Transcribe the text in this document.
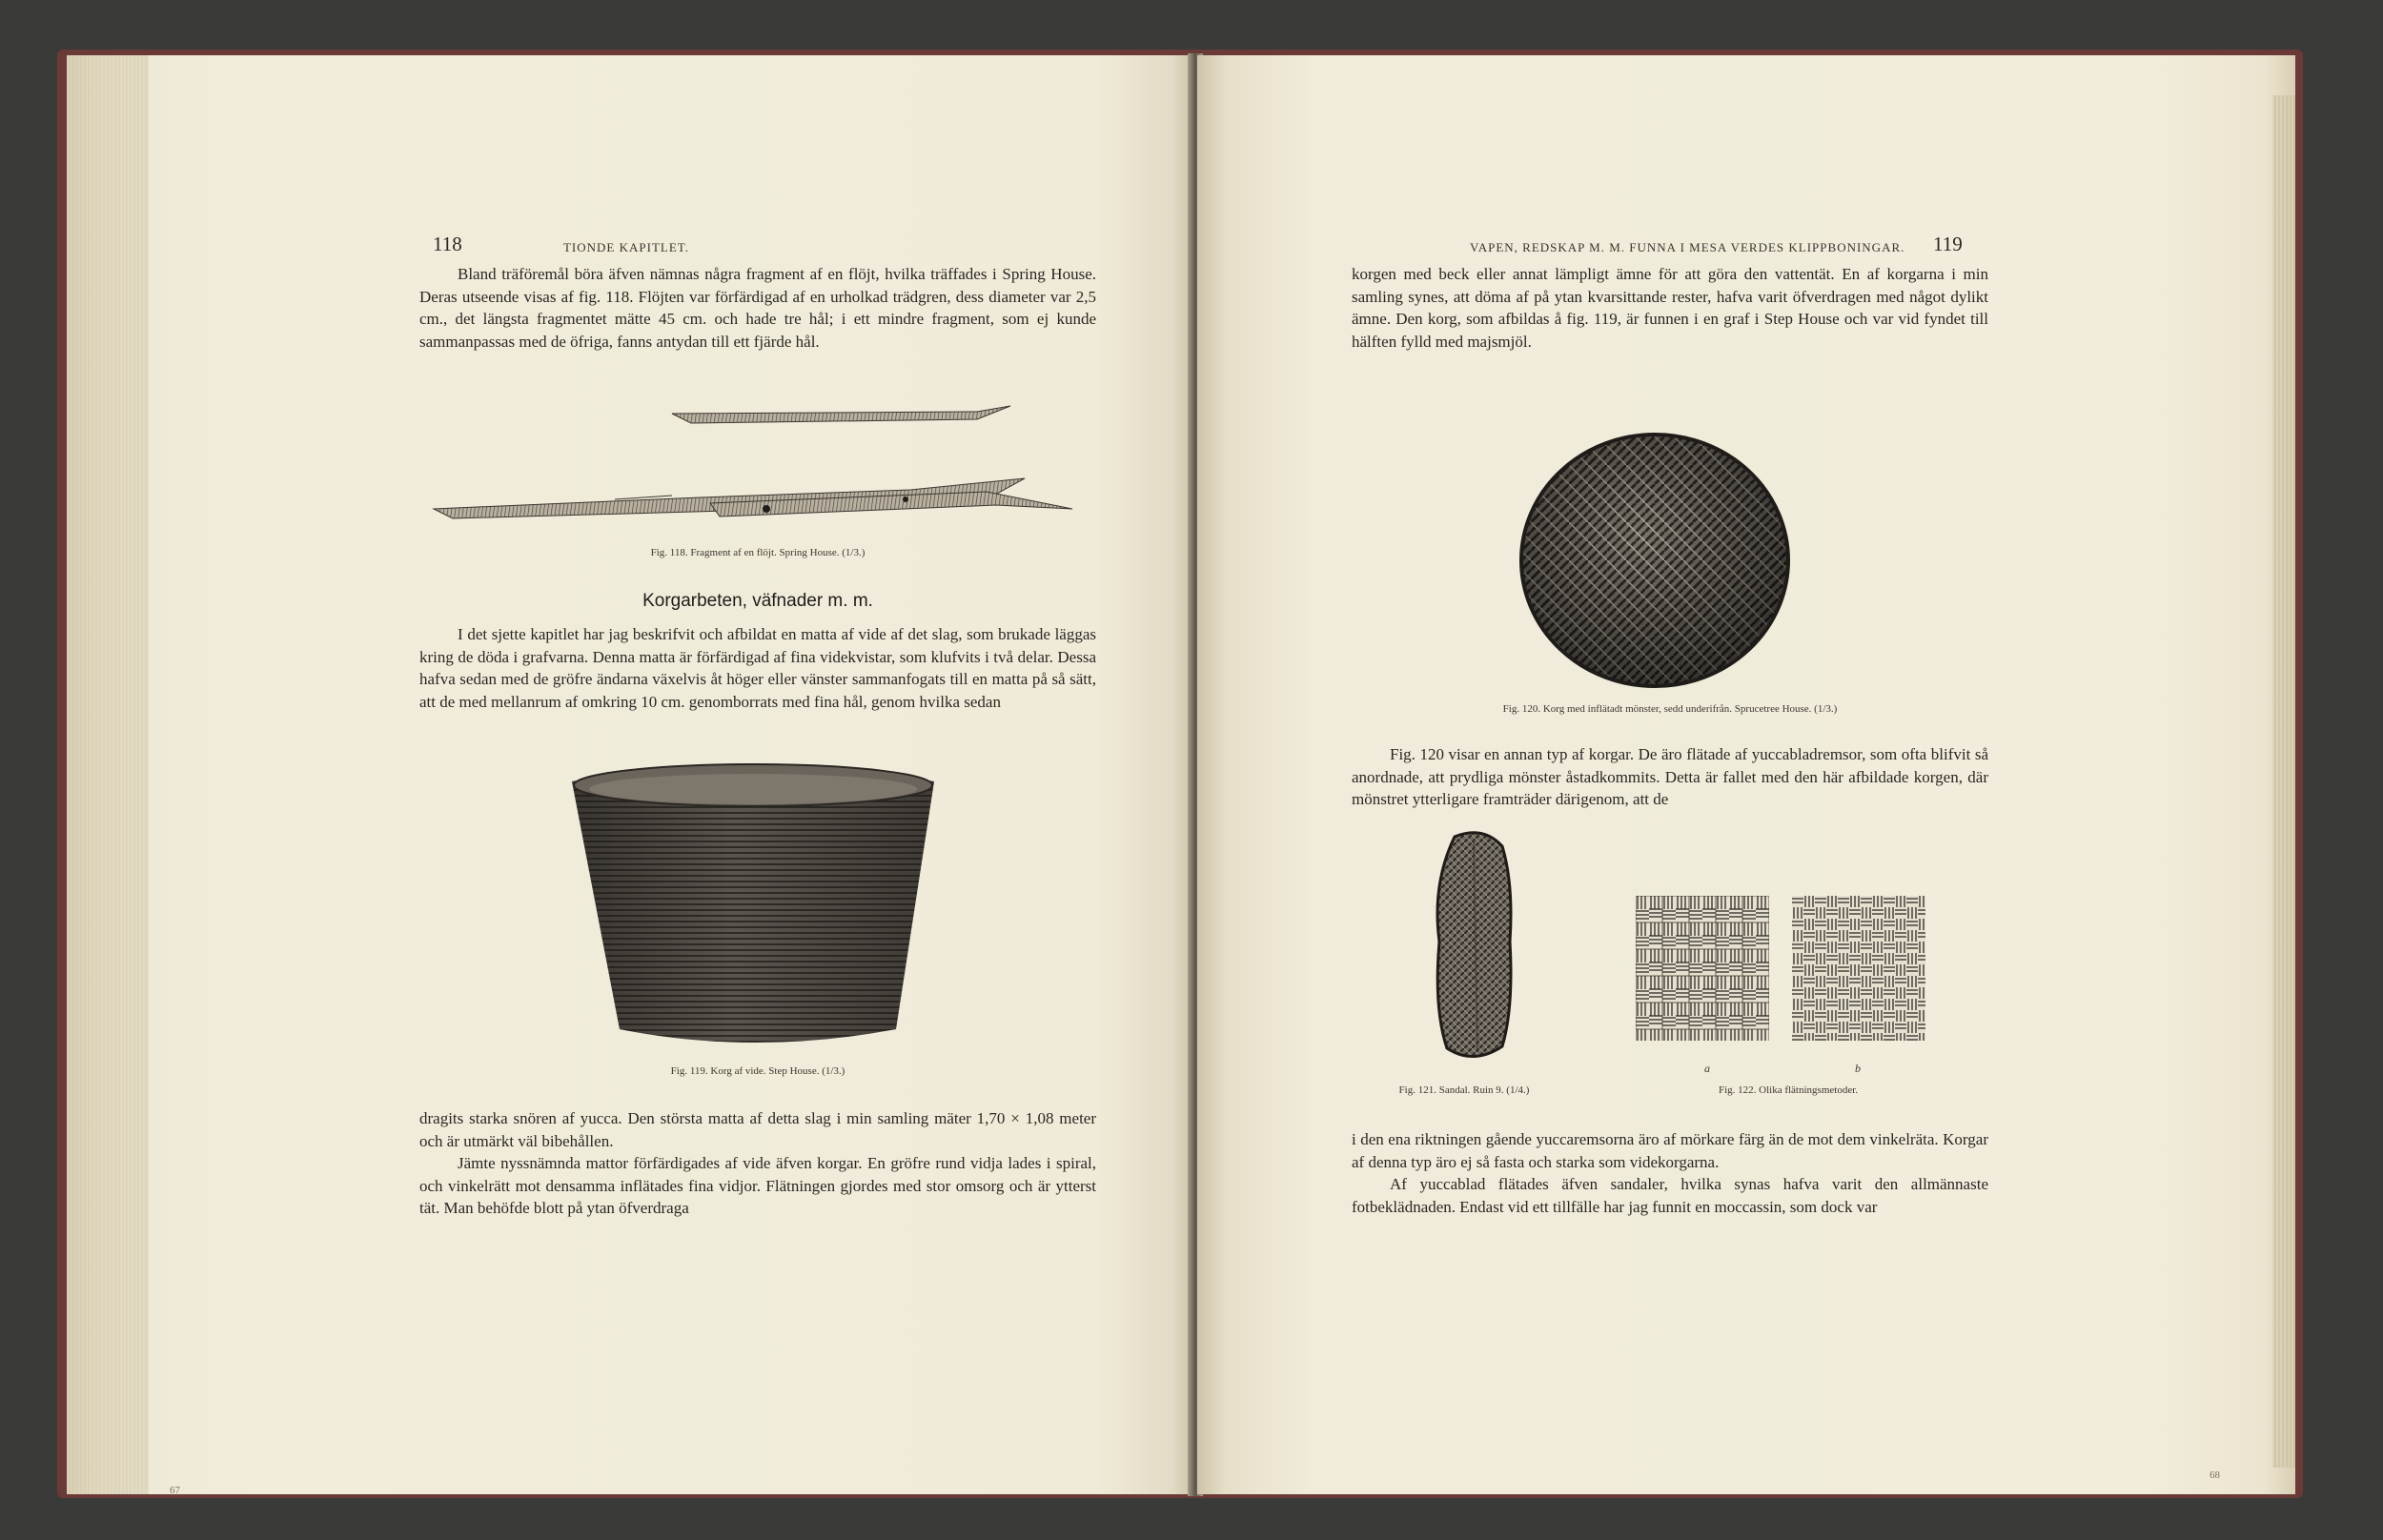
118	TIONDE KAPITLET.

Bland träföremål böra äfven nämnas några fragment af en flöjt, hvilka träffades i Spring House. Deras utseende visas af fig. 118. Flöjten var förfärdigad af en urholkad trädgren, dess diameter var 2,5 cm., det längsta fragmentet mätte 45 cm. och hade tre hål; i ett mindre fragment, som ej kunde sammanpassas med de öfriga, fanns antydan till ett fjärde hål.

Fig. 118. Fragment af en flöjt. Spring House. (1/3.)
Korgarbeten, väfnader m. m.

I det sjette kapitlet har jag beskrifvit och afbildat en matta af vide af det slag, som brukade läggas kring de döda i grafvarna. Denna matta är förfärdigad af fina videkvistar, som klufvits i två delar. Dessa hafva sedan med de gröfre ändarna växelvis åt höger eller vänster sammanfogats till en matta på så sätt, att de med mellanrum af omkring 10 cm. genomborrats med fina hål, genom hvilka sedan

Fig. 119. Korg af vide. Step House. (1/3.)

dragits starka snören af yucca. Den största matta af detta slag i min samling mäter 1,70 × 1,08 meter och är utmärkt väl bibehållen.

Jämte nyssnämnda mattor förfärdigades af vide äfven korgar. En gröfre rund vidja lades i spiral, och vinkelrätt mot densamma inflätades fina vidjor. Flätningen gjordes med stor omsorg och är ytterst tät. Man behöfde blott på ytan öfverdraga

67
VAPEN, REDSKAP M. M. FUNNA I MESA VERDES KLIPPBONINGAR. 119

korgen med beck eller annat lämpligt ämne för att göra den vattentät. En af korgarna i min samling synes, att döma af på ytan kvarsittande rester, hafva varit öfverdragen med något dylikt ämne. Den korg, som afbildas å fig. 119, är funnen i en graf i Step House och var vid fyndet till hälften fylld med majsmjöl.

Fig. 120. Korg med inflätadt mönster, sedd underifrån. Sprucetree House. (1/3.)

Fig. 120 visar en annan typ af korgar. De äro flätade af yuccabladremsor, som ofta blifvit så anordnade, att prydliga mönster åstadkommits. Detta är fallet med den här afbildade korgen, där mönstret ytterligare framträder därigenom, att de

Fig. 121. Sandal. Ruin 9. (1/4.)
a	b
Fig. 122. Olika flätningsmetoder.

i den ena riktningen gående yuccaremsorna äro af mörkare färg än de mot dem vinkelräta. Korgar af denna typ äro ej så fasta och starka som videkorgarna.

Af yuccablad flätades äfven sandaler, hvilka synas hafva varit den allmännaste fotbeklädnaden. Endast vid ett tillfälle har jag funnit en moccassin, som dock var

68
